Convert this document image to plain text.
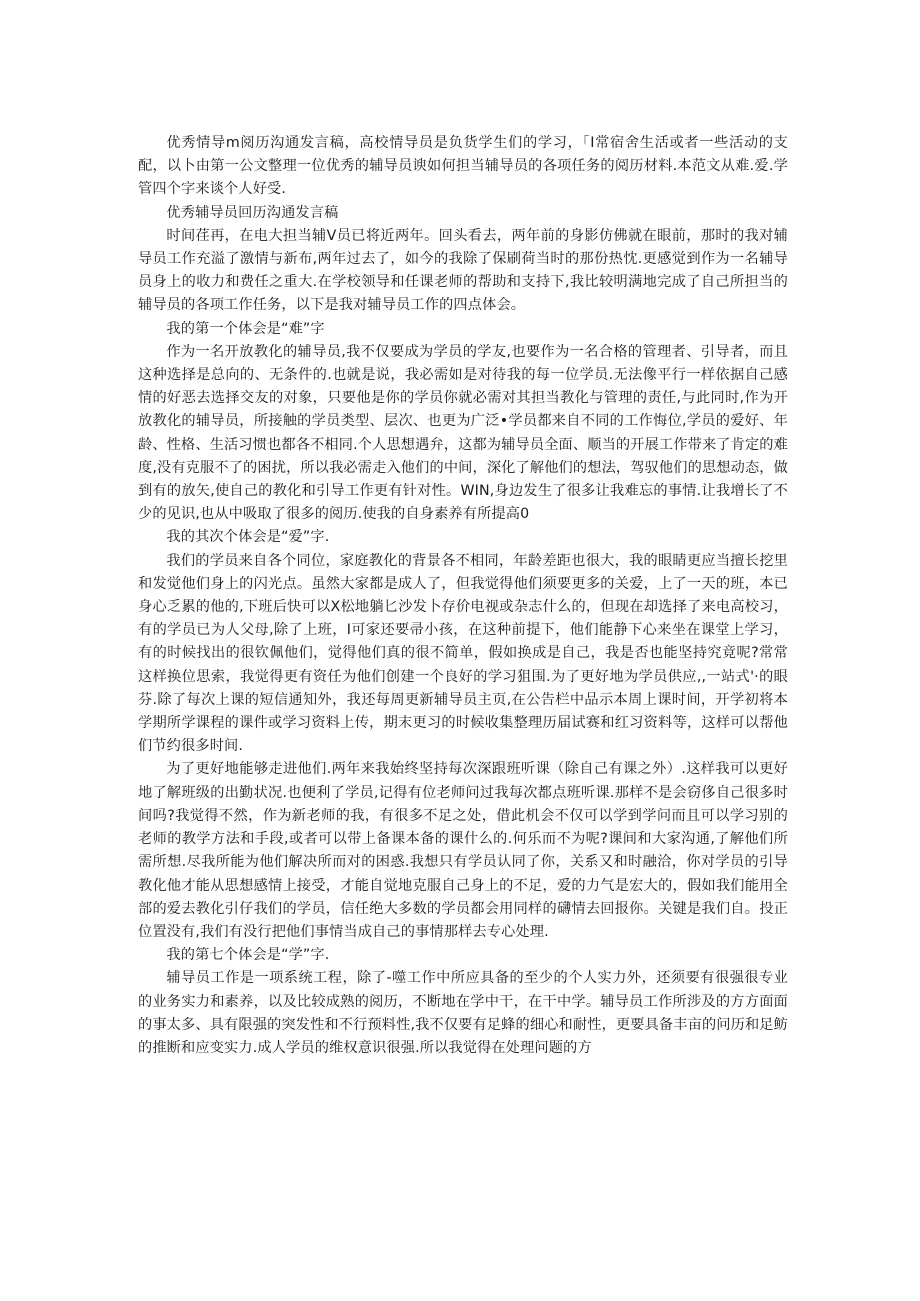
优秀情导m阅历沟通发言稿，高校情导员是负货学生们的学习，「I常宿舍生活或者一些活动的支配，以卜由第一公文整理一位优秀的辅导员谀如何担当辅导员的各项任务的阅历材料.本范文从难.爱.学管四个字来谈个人好受.

优秀辅导员回历沟通发言稿

时间荏再，在电大担当辅V员已将近两年。回头看去，两年前的身影仿佛就在眼前，那时的我对辅导员工作充溢了激情与新布,两年过去了，如今的我除了保刷荷当时的那份热忱.更感觉到作为一名辅导员身上的收力和费任之重大.在学校领导和任课老师的帮助和支持下,我比较明满地完成了自己所担当的辅导员的各项工作任务，以下是我对辅导员工作的四点体会。

我的第一个体会是“难”字

作为一名开放教化的辅导员,我不仅要成为学员的学友,也要作为一名合格的管理者、引导者，而且这种选择是总向的、无条件的.也就是说，我必需如是对待我的每一位学员.无法像平行一样依据自己感情的好恶去选择交友的对象，只要他是你的学员你就必需对其担当教化与管理的责任,与此同时,作为开放教化的辅导员，所接触的学员类型、层次、也更为广泛•学员都来自不同的工作悔位,学员的爱好、年龄、性格、生活习惯也都各不相同.个人思想遇弁，这都为辅导员全面、顺当的开展工作带来了肯定的难度,没有克服不了的困扰，所以我必需走入他们的中间，深化了解他们的想法，驾驭他们的思想动态，做到有的放矢,使自己的教化和引导工作更有针对性。WIN,身边发生了很多让我难忘的事情.让我增长了不少的见识,也从中吸取了很多的阅历.使我的自身素养有所提高0

我的其次个体会是“爱”字.

我们的学员来自各个同位，家庭教化的背景各不相同，年龄差距也很大，我的眼睛更应当擅长挖里和发觉他们身上的闪光点。虽然大家都是成人了，但我觉得他们须要更多的关爱，上了一天的班，本已身心乏累的他的,下班后快可以X松地躺匕沙发卜存价电视或杂志什么的，但现在却选择了来电高校习，有的学员已为人父母,除了上班，I可家还要帚小孩，在这种前提下，他们能静下心来坐在课堂上学习，有的时候找出的很钦佩他们，觉得他们真的很不简单，假如换成是自己，我是否也能坚持究竟呢?常常这样换位思索，我觉得更有资任为他们创建一个良好的学习狙围.为了更好地为学员供应,,一站式'·的眼芬.除了每次上课的短信通知外，我还每周更新辅导员主页,在公告栏中品示本周上课时间，开学初将本学期所学课程的课件或学习资料上传，期末更习的时候收集整理历届试赛和红习资料等，这样可以帮他们节约很多时间.

为了更好地能够走进他们.两年来我始终坚持每次深跟班听课（除自己有课之外）.这样我可以更好地了解班级的出勤状况.也便利了学员,记得有位老师问过我每次都点班听课.那样不是会窃侈自己很多时间吗?我觉得不然，作为新老师的我，有很多不足之处，借此机会不仅可以学到学问而且可以学习别的老师的教学方法和手段,或者可以带上备课本备的课什么的.何乐而不为呢?课间和大家沟通,了解他们所需所想.尽我所能为他们解决所而对的困惑.我想只有学员认同了你，关系又和时融洽，你对学员的引导教化他才能从思想感情上接受，才能自觉地克服自己身上的不足，爱的力气是宏大的，假如我们能用全部的爱去教化引仔我们的学员，信任绝大多数的学员都会用同样的礴情去回报你。关键是我们自。投正位置没有,我们有没行把他们事情当成自己的事情那样去专心处理.

我的第七个体会是“学”字.

辅导员工作是一项系统工程，除了-噬工作中所应具备的至少的个人实力外，还须要有很强很专业的业务实力和素养，以及比较成熟的阅历，不断地在学中干，在干中学。辅导员工作所涉及的方方面面的事太多、具有限强的突发性和不行预料性,我不仅要有足蜂的细心和耐性，更要具备丰亩的问历和足鲂的推断和应变实力.成人学员的维权意识很强.所以我觉得在处理问题的方
